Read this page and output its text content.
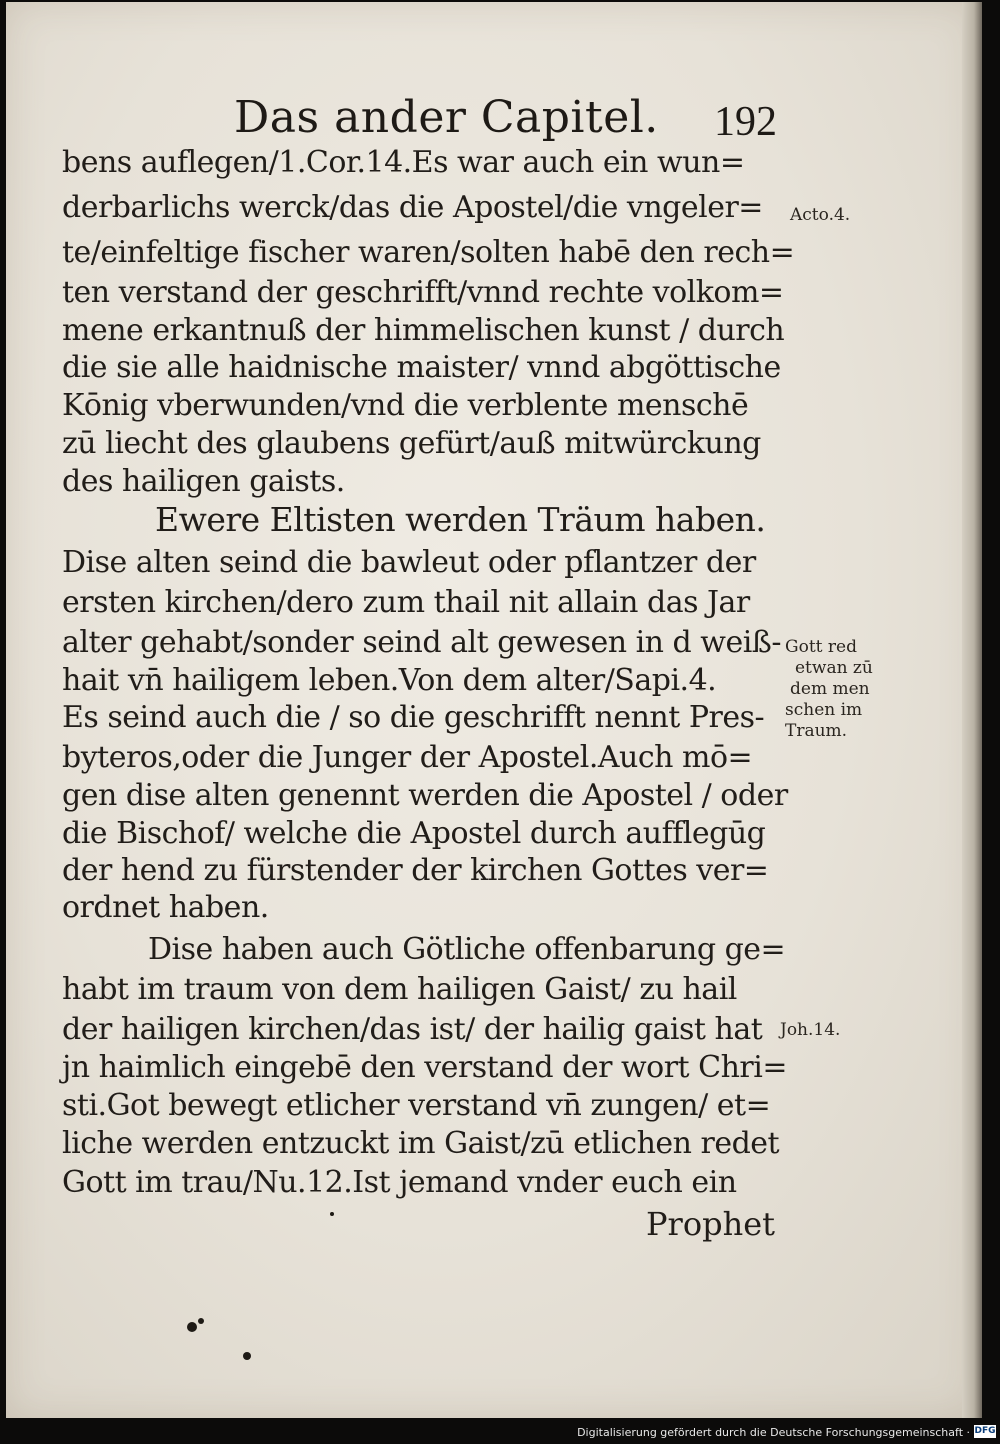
Das ander Capitel. 192
bens auflegen/1.Cor.14.Es war auch ein wun=
derbarlichs werck/das die Apostel/die vngeler=
te/einfeltige fischer waren/solten habē den rech=
ten verstand der geschrifft/vnnd rechte volkom=
mene erkantnuß der himmelischen kunst / durch
die sie alle haidnische maister/ vnnd abgöttische
Kōnig vberwunden/vnd die verblente menschē
zū liecht des glaubens gefürt/auß mitwürckung
des hailigen gaists.
Ewere Eltisten werden Träum haben.
Dise alten seind die bawleut oder pflantzer der
ersten kirchen/dero zum thail nit allain das Jar
alter gehabt/sonder seind alt gewesen in d weiß-
hait vn̄ hailigem leben.Von dem alter/Sapi.4.
Es seind auch die / so die geschrifft nennt Pres-
byteros,oder die Junger der Apostel.Auch mō=
gen dise alten genennt werden die Apostel / oder
die Bischof/ welche die Apostel durch aufflegūg
der hend zu fürstender der kirchen Gottes ver=
ordnet haben.
Dise haben auch Götliche offenbarung ge=
habt im traum von dem hailigen Gaist/ zu hail
der hailigen kirchen/das ist/ der hailig gaist hat
jn haimlich eingebē den verstand der wort Chri=
sti.Got bewegt etlicher verstand vn̄ zungen/ et=
liche werden entzuckt im Gaist/zū etlichen redet
Gott im trau/Nu.12.Ist jemand vnder euch ein
Prophet
Acto.4.
Gott red
etwan zū
dem men
schen im
Traum.
Joh.14.
Digitalisierung gefördert durch die Deutsche Forschungsgemeinschaft · DFG
